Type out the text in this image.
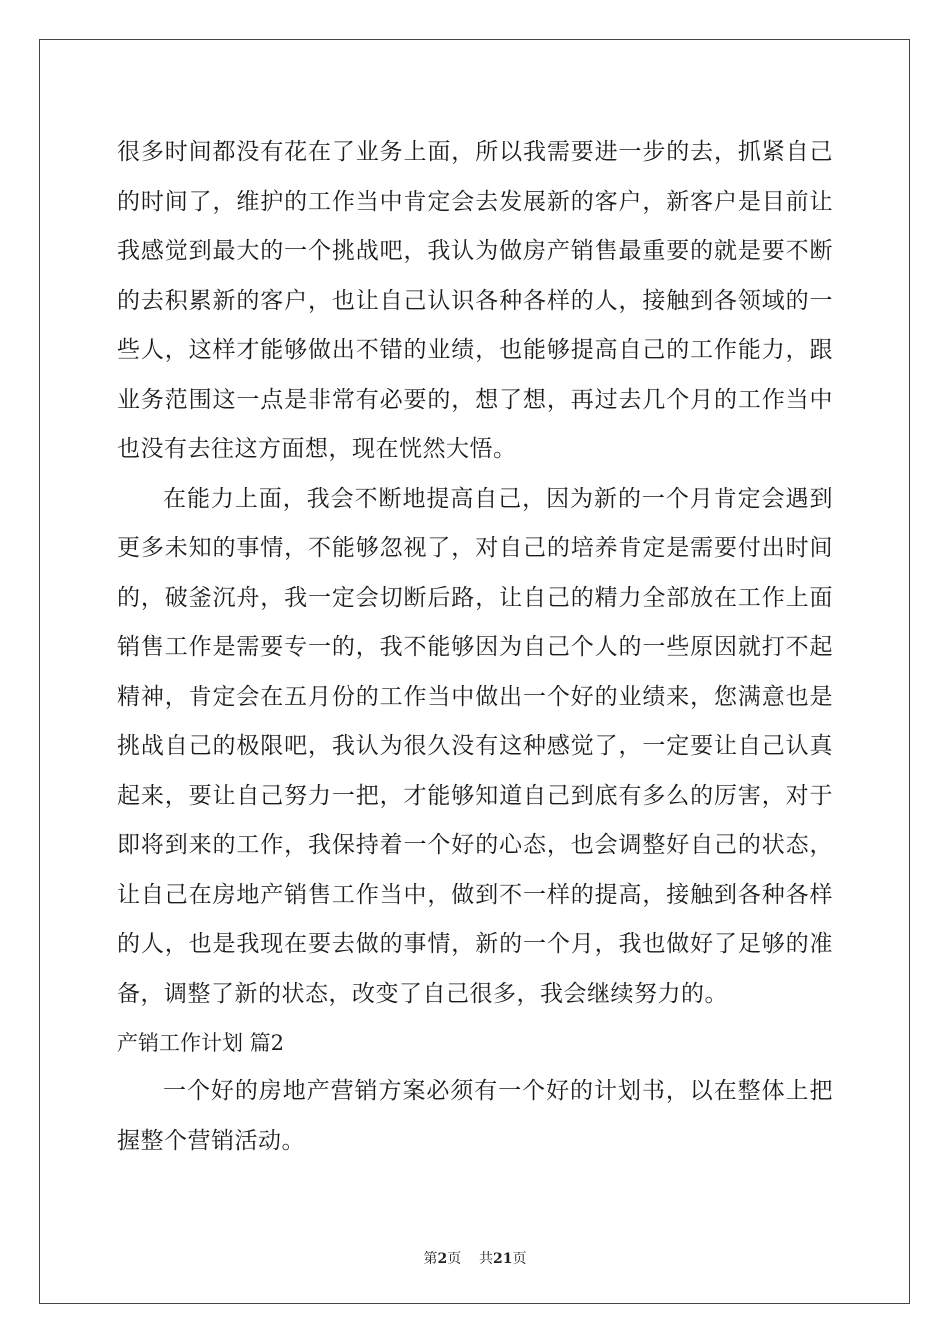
很多时间都没有花在了业务上面，所以我需要进一步的去，抓紧自己
的时间了，维护的工作当中肯定会去发展新的客户，新客户是目前让
我感觉到最大的一个挑战吧，我认为做房产销售最重要的就是要不断
的去积累新的客户，也让自己认识各种各样的人，接触到各领域的一
些人，这样才能够做出不错的业绩，也能够提高自己的工作能力，跟
业务范围这一点是非常有必要的，想了想，再过去几个月的工作当中
也没有去往这方面想，现在恍然大悟。
在能力上面，我会不断地提高自己，因为新的一个月肯定会遇到
更多未知的事情，不能够忽视了，对自己的培养肯定是需要付出时间
的，破釜沉舟，我一定会切断后路，让自己的精力全部放在工作上面
销售工作是需要专一的，我不能够因为自己个人的一些原因就打不起
精神，肯定会在五月份的工作当中做出一个好的业绩来，您满意也是
挑战自己的极限吧，我认为很久没有这种感觉了，一定要让自己认真
起来，要让自己努力一把，才能够知道自己到底有多么的厉害，对于
即将到来的工作，我保持着一个好的心态，也会调整好自己的状态，
让自己在房地产销售工作当中，做到不一样的提高，接触到各种各样
的人，也是我现在要去做的事情，新的一个月，我也做好了足够的准
备，调整了新的状态，改变了自己很多，我会继续努力的。
产销工作计划 篇2
一个好的房地产营销方案必须有一个好的计划书，以在整体上把
握整个营销活动。
第2页 共21页
